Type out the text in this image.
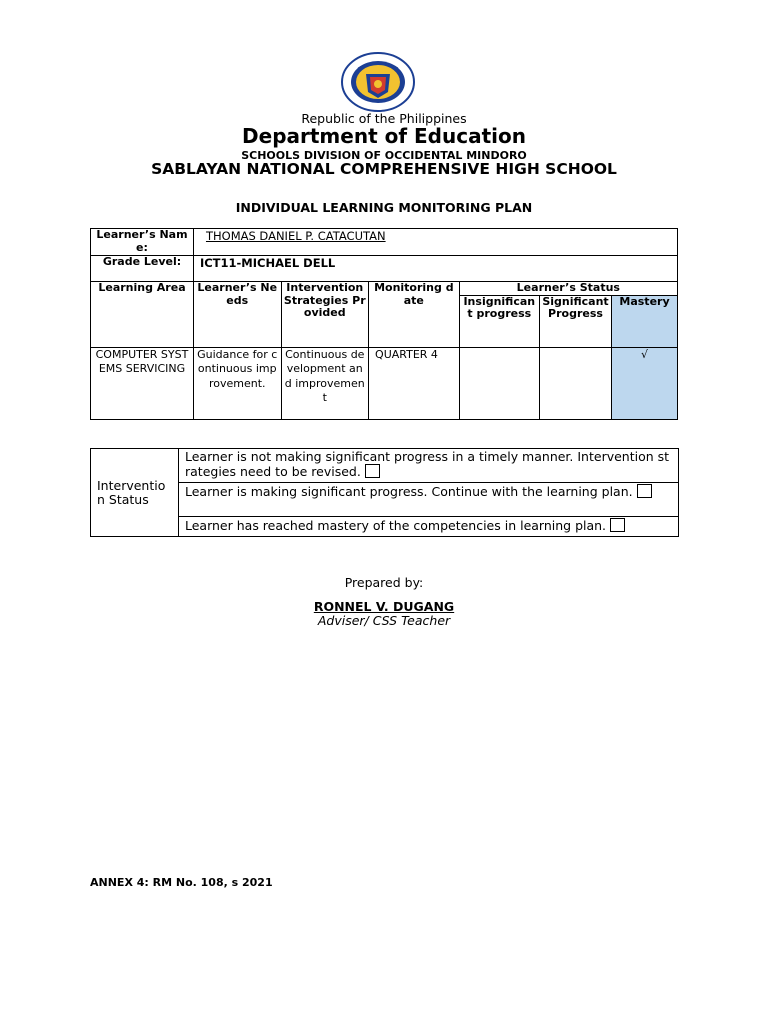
Republic of the Philippines
Department of Education
SCHOOLS DIVISION OF OCCIDENTAL MINDORO
SABLAYAN NATIONAL COMPREHENSIVE HIGH SCHOOL
INDIVIDUAL LEARNING MONITORING PLAN
Learner’s Name:	THOMAS DANIEL P. CATACUTAN					
Grade Level:	ICT11-MICHAEL DELL					
Learning Area	Learner’s Needs	Intervention Strategies Provided	Monitoring date	Learner’s Status		
				Insignificant progress	Significant Progress	Mastery
COMPUTER SYSTEMS SERVICING	Guidance for continuous improvement.	Continuous development and improvement	QUARTER 4			√
Intervention Status	Learner is not making significant progress in a timely manner. Intervention strategies need to be revised.
Learner is making significant progress. Continue with the learning plan.
Learner has reached mastery of the competencies in learning plan.
Prepared by:
RONNEL V. DUGANG
Adviser/ CSS Teacher
ANNEX 4: RM No. 108, s 2021
